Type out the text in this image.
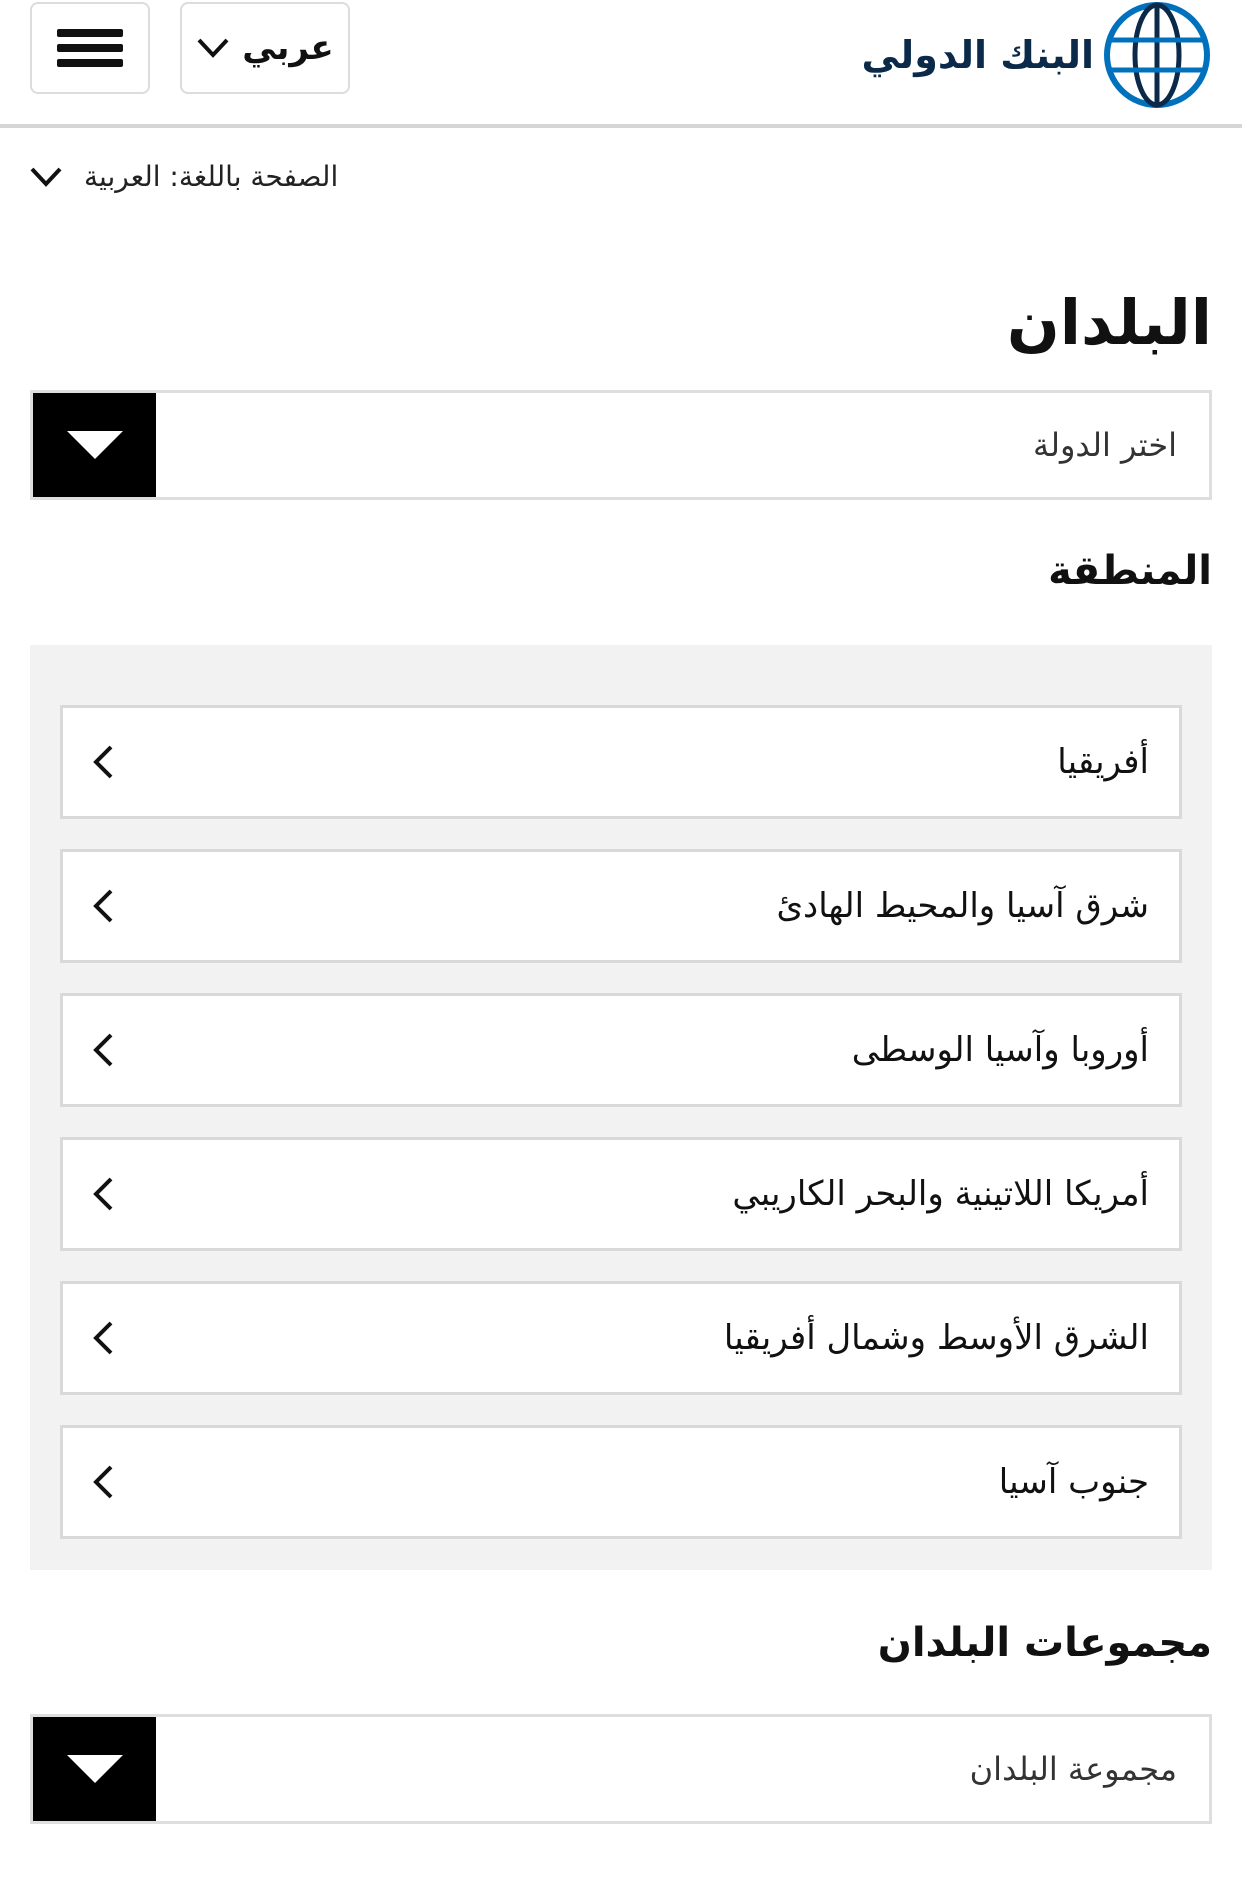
عربي	البنك الدولي
الصفحة باللغة: العربية
البلدان
اختر الدولة
المنطقة
أفريقيا
شرق آسيا والمحيط الهادئ
أوروبا وآسيا الوسطى
أمريكا اللاتينية والبحر الكاريبي
الشرق الأوسط وشمال أفريقيا
جنوب آسيا
مجموعات البلدان
مجموعة البلدان
